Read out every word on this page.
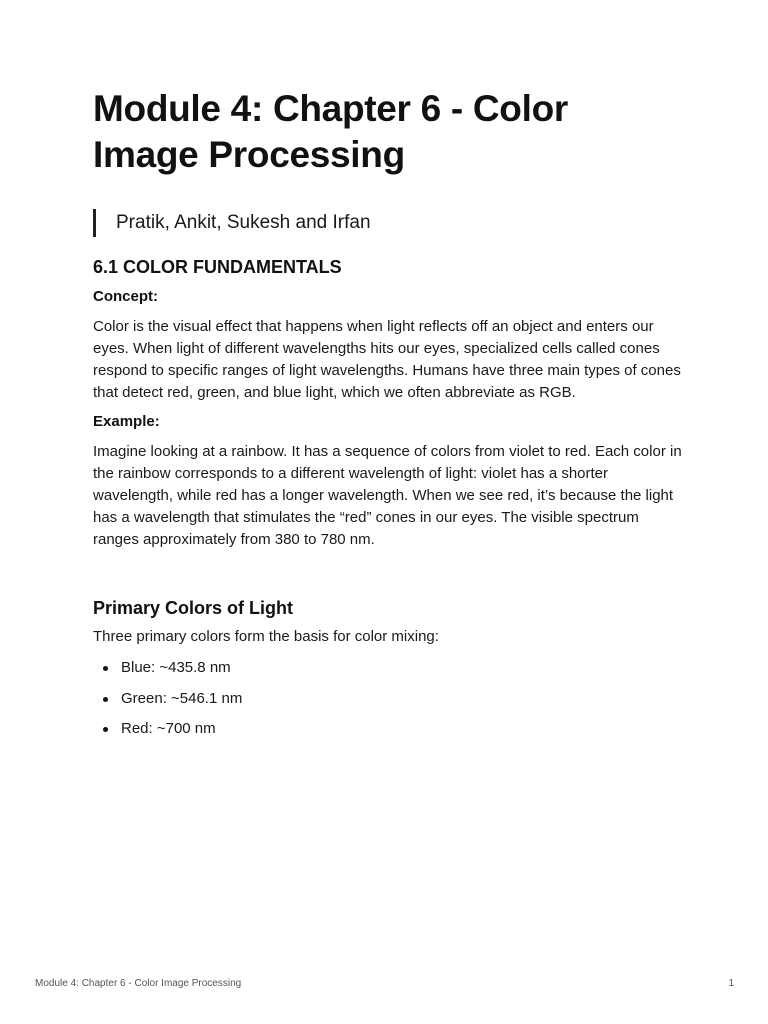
Module 4: Chapter 6 - Color Image Processing
Pratik, Ankit, Sukesh and Irfan
6.1 COLOR FUNDAMENTALS
Concept:

Color is the visual effect that happens when light reflects off an object and enters our eyes. When light of different wavelengths hits our eyes, specialized cells called cones respond to specific ranges of light wavelengths. Humans have three main types of cones that detect red, green, and blue light, which we often abbreviate as RGB.

Example:

Imagine looking at a rainbow. It has a sequence of colors from violet to red. Each color in the rainbow corresponds to a different wavelength of light: violet has a shorter wavelength, while red has a longer wavelength. When we see red, it’s because the light has a wavelength that stimulates the “red” cones in our eyes. The visible spectrum ranges approximately from 380 to 780 nm.

Primary Colors of Light

Three primary colors form the basis for color mixing:

Blue: ~435.8 nm
Green: ~546.1 nm
Red: ~700 nm
Module 4: Chapter 6 - Color Image Processing	1
